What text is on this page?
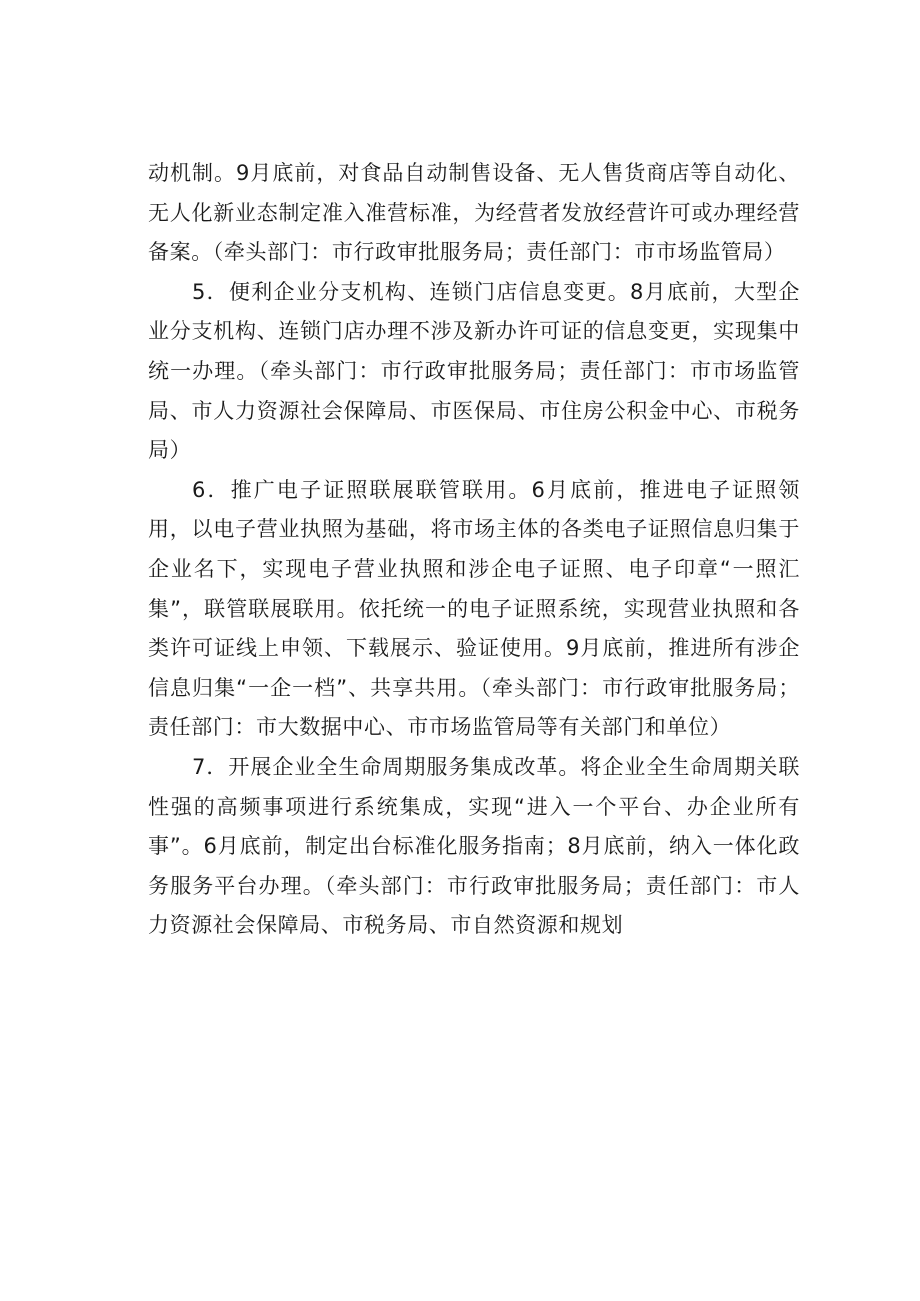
动机制。9月底前，对食品自动制售设备、无人售货商店等自动化、无人化新业态制定准入准营标准，为经营者发放经营许可或办理经营备案。（牵头部门：市行政审批服务局；责任部门：市市场监管局）

5．便利企业分支机构、连锁门店信息变更。8月底前，大型企业分支机构、连锁门店办理不涉及新办许可证的信息变更，实现集中统一办理。（牵头部门：市行政审批服务局；责任部门：市市场监管局、市人力资源社会保障局、市医保局、市住房公积金中心、市税务局）

6．推广电子证照联展联管联用。6月底前，推进电子证照领用，以电子营业执照为基础，将市场主体的各类电子证照信息归集于企业名下，实现电子营业执照和涉企电子证照、电子印章“一照汇集”，联管联展联用。依托统一的电子证照系统，实现营业执照和各类许可证线上申领、下载展示、验证使用。9月底前，推进所有涉企信息归集“一企一档”、共享共用。（牵头部门：市行政审批服务局；责任部门：市大数据中心、市市场监管局等有关部门和单位）

7．开展企业全生命周期服务集成改革。将企业全生命周期关联性强的高频事项进行系统集成，实现“进入一个平台、办企业所有事”。6月底前，制定出台标准化服务指南；8月底前，纳入一体化政务服务平台办理。（牵头部门：市行政审批服务局；责任部门：市人力资源社会保障局、市税务局、市自然资源和规划
